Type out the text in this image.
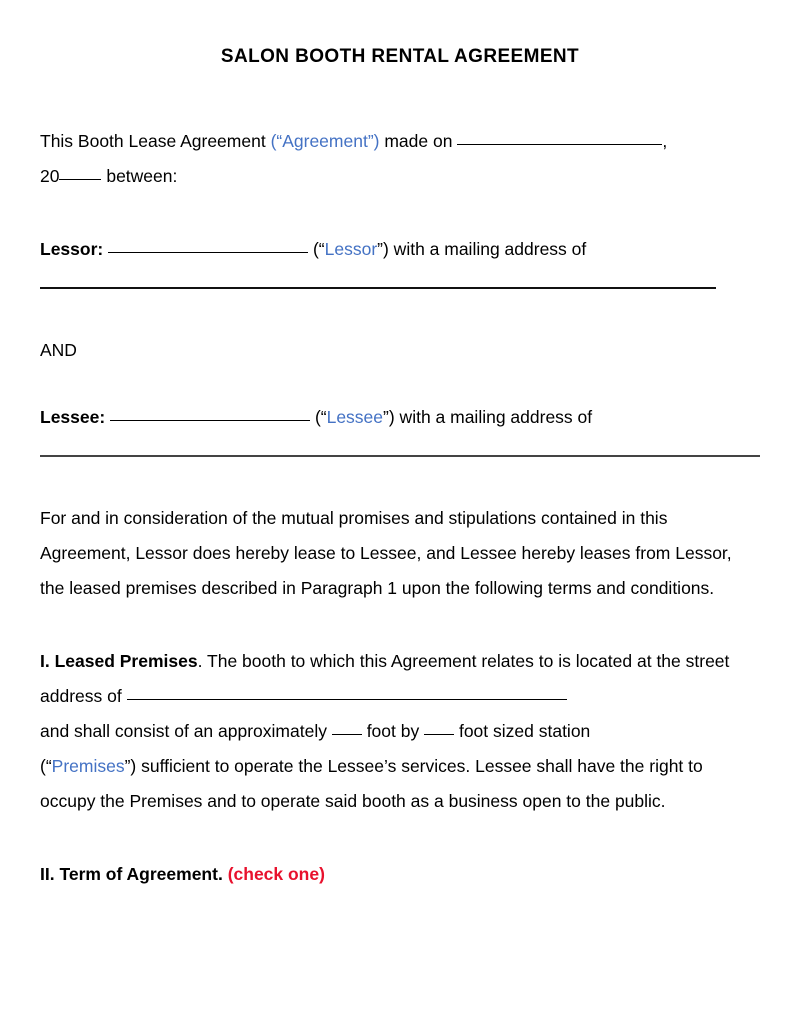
SALON BOOTH RENTAL AGREEMENT

This Booth Lease Agreement (“Agreement”) made on	,

20 between:

Lessor:	(“Lessor”) with a mailing address of

AND

Lessee:	(“Lessee”) with a mailing address of

For and in consideration of the mutual promises and stipulations contained in this Agreement, Lessor does hereby lease to Lessee, and Lessee hereby leases from Lessor, the leased premises described in Paragraph 1 upon the following terms and conditions.

I. Leased Premises. The booth to which this Agreement relates to is located at the street address of

and shall consist of an approximately  foot by  foot sized station

(“Premises”) sufficient to operate the Lessee’s services. Lessee shall have the right to occupy the Premises and to operate said booth as a business open to the public.

II. Term of Agreement. (check one)
